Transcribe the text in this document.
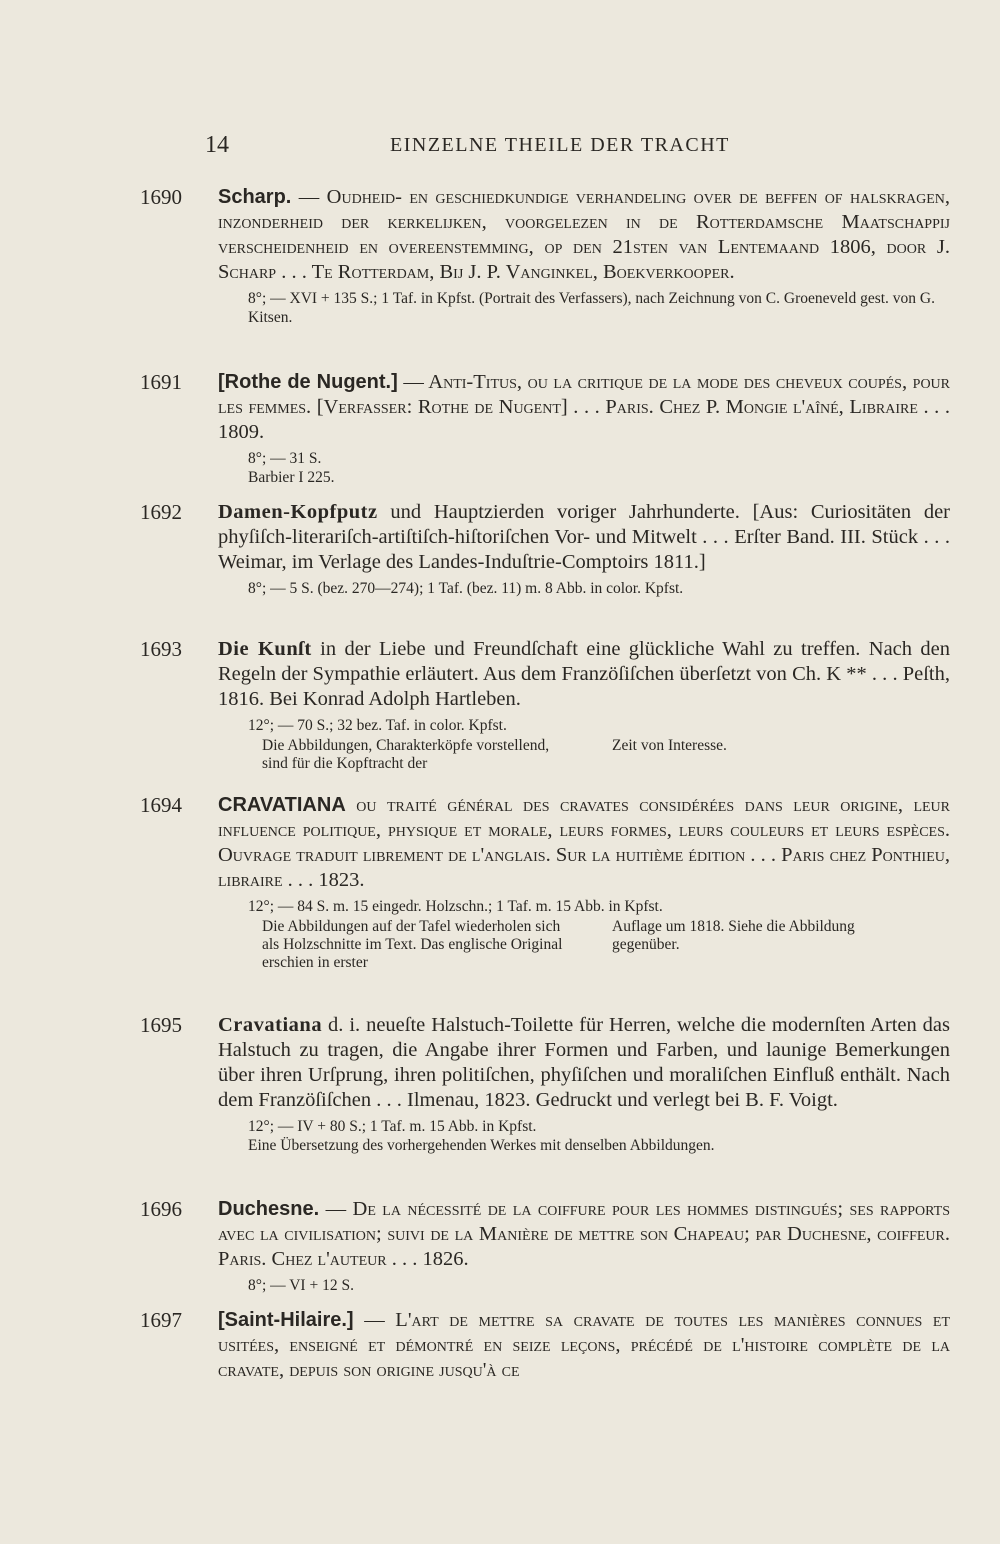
14	EINZELNE THEILE DER TRACHT
1690 Scharp. — Oudheid- en geschiedkundige verhandeling over de beffen of halskragen, inzonderheid der kerkelijken, voorgelezen in de Rotterdamſche Maatſchappij verscheidenheid en overeenstemming, op den 21ſten van Lentemaand 1806, door J. Scharp . . . Te Rotterdam, Bij J. P. Vanginkel, Boekverkooper.
8°; — XVI + 135 S.; 1 Taf. in Kpfst. (Portrait des Verfassers), nach Zeichnung von C. Groeneveld gest. von G. Kitsen.
1691 [Rothe de Nugent.] — Anti-Titus, ou la critique de la mode des cheveux coupés, pour les femmes. [Verfasser: Rothe de Nugent] . . . Paris. Chez P. Mongie l'aîné, Libraire . . . 1809.
8°; — 31 S.
Barbier I 225.
1692 Damen-Kopfputz und Hauptzierden voriger Jahrhunderte. [Aus: Curiositäten der phyſiſch-literariſch-artiſtiſch-hiſtoriſchen Vor- und Mitwelt . . . Erſter Band. III. Stück . . . Weimar, im Verlage des Landes-Induſtrie-Comptoirs 1811.]
8°; — 5 S. (bez. 270—274); 1 Taf. (bez. 11) m. 8 Abb. in color. Kpfst.
1693 Die Kunſt in der Liebe und Freundſchaft eine glückliche Wahl zu treffen. Nach den Regeln der Sympathie erläutert. Aus dem Franzöſiſchen überſetzt von Ch. K ** . . . Peſth, 1816. Bei Konrad Adolph Hartleben.
12°; — 70 S.; 32 bez. Taf. in color. Kpfst.
Die Abbildungen, Charakterköpfe vorstellend, sind für die Kopftracht der
Zeit von Interesse.
1694 CRAVATIANA ou traité général des cravates considérées dans leur origine, leur influence politique, physique et morale, leurs formes, leurs couleurs et leurs espèces. Ouvrage traduit librement de l'anglais. Sur la huitième édition . . . Paris chez Ponthieu, libraire . . . 1823.
12°; — 84 S. m. 15 eingedr. Holzschn.; 1 Taf. m. 15 Abb. in Kpfst.
Die Abbildungen auf der Tafel wiederholen sich als Holzschnitte im Text. Das englische Original erschien in erster
Auflage um 1818. Siehe die Abbildung gegenüber.
1695 Cravatiana d. i. neueſte Halstuch-Toilette für Herren, welche die modernſten Arten das Halstuch zu tragen, die Angabe ihrer Formen und Farben, und launige Bemerkungen über ihren Urſprung, ihren politiſchen, phyſiſchen und moraliſchen Einfluß enthält. Nach dem Franzöſiſchen . . . Ilmenau, 1823. Gedruckt und verlegt bei B. F. Voigt.
12°; — IV + 80 S.; 1 Taf. m. 15 Abb. in Kpfst.
Eine Übersetzung des vorhergehenden Werkes mit denselben Abbildungen.
1696 Duchesne. — De la nécessité de la coiffure pour les hommes distingués; ses rapports avec la civilisation; suivi de la Manière de mettre son Chapeau; par Duchesne, coiffeur. Paris. Chez l'auteur . . . 1826.
8°; — VI + 12 S.
1697 [Saint-Hilaire.] — L'art de mettre sa cravate de toutes les manières connues et usitées, enseigné et démontré en seize leçons, précédé de l'histoire complète de la cravate, depuis son origine jusqu'à ce
